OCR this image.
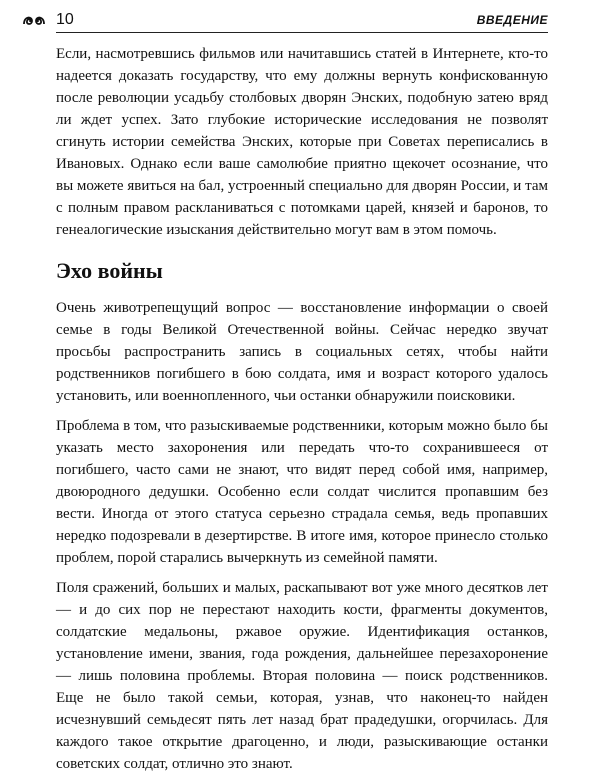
10	ВВЕДЕНИЕ

Если, насмотревшись фильмов или начитавшись статей в Интернете, кто-то надеется доказать государству, что ему должны вернуть конфискованную после революции усадьбу столбовых дворян Энских, подобную затею вряд ли ждет успех. Зато глубокие исторические исследования не позволят сгинуть истории семейства Энских, которые при Советах переписались в Ивановых. Однако если ваше самолюбие приятно щекочет осознание, что вы можете явиться на бал, устроенный специально для дворян России, и там с полным правом раскланиваться с потомками царей, князей и баронов, то генеалогические изыскания действительно могут вам в этом помочь.

Эхо войны

Очень животрепещущий вопрос — восстановление информации о своей семье в годы Великой Отечественной войны. Сейчас нередко звучат просьбы распространить запись в социальных сетях, чтобы найти родственников погибшего в бою солдата, имя и возраст которого удалось установить, или военнопленного, чьи останки обнаружили поисковики.

Проблема в том, что разыскиваемые родственники, которым можно было бы указать место захоронения или передать что-то сохранившееся от погибшего, часто сами не знают, что видят перед собой имя, например, двоюродного дедушки. Особенно если солдат числится пропавшим без вести. Иногда от этого статуса серьезно страдала семья, ведь пропавших нередко подозревали в дезертирстве. В итоге имя, которое принесло столько проблем, порой старались вычеркнуть из семейной памяти.

Поля сражений, больших и малых, раскапывают вот уже много десятков лет — и до сих пор не перестают находить кости, фрагменты документов, солдатские медальоны, ржавое оружие. Идентификация останков, установление имени, звания, года рождения, дальнейшее перезахоронение — лишь половина проблемы. Вторая половина — поиск родственников. Еще не было такой семьи, которая, узнав, что наконец-то найден исчезнувший семьдесят пять лет назад брат прадедушки, огорчилась. Для каждого такое открытие драгоценно, и люди, разыскивающие останки советских солдат, отлично это знают.
